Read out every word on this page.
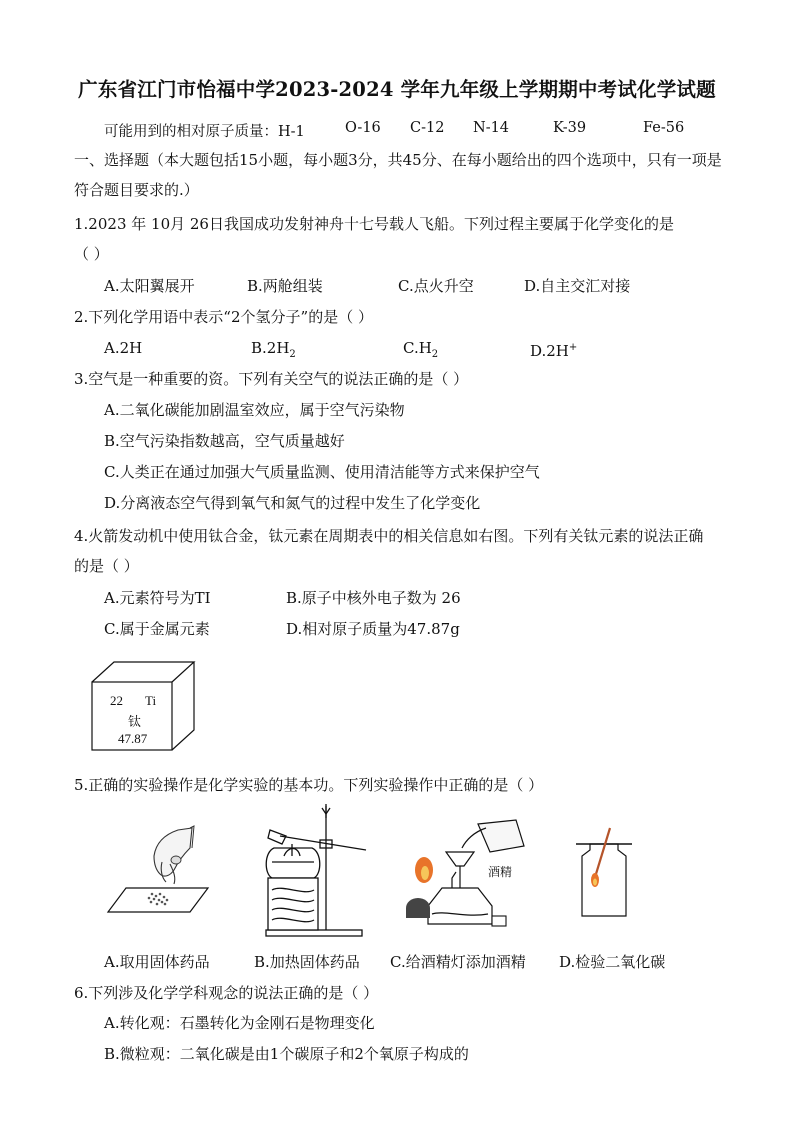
广东省江门市怡福中学2023-2024 学年九年级上学期期中考试化学试题
可能用到的相对原子质量：H-1	O-16 C-12 N-14	K-39	Fe-56
一、选择题（本大题包括15小题，每小题3分，共45分、在每小题给出的四个选项中，只有一项是
符合题目要求的.）
1.2023 年 10月 26日我国成功发射神舟十七号载人飞船。下列过程主要属于化学变化的是
（ ）
A.太阳翼展开	B.两舱组装	C.点火升空	D.自主交汇对接
2.下列化学用语中表示“2个氢分子”的是（ ）
A.2H	$B.2H_2$	$C.H_2$	D.2H+
3.空气是一种重要的资。下列有关空气的说法正确的是（ ）
A.二氧化碳能加剧温室效应，属于空气污染物
B.空气污染指数越高，空气质量越好
C.人类正在通过加强大气质量监测、使用清洁能等方式来保护空气
D.分离液态空气得到氧气和氮气的过程中发生了化学变化
4.火箭发动机中使用钛合金，钛元素在周期表中的相关信息如右图。下列有关钛元素的说法正确
的是（ ）
A.元素符号为TI	B.原子中核外电子数为 26
C.属于金属元素	D.相对原子质量为47.87g
22 Ti
钛
47.87
5.正确的实验操作是化学实验的基本功。下列实验操作中正确的是（ ）
酒精
A.取用固体药品	B.加热固体药品 C.给酒精灯添加酒精 D.检验二氧化碳
6.下列涉及化学学科观念的说法正确的是（ ）
A.转化观：石墨转化为金刚石是物理变化
B.微粒观：二氧化碳是由1个碳原子和2个氧原子构成的
